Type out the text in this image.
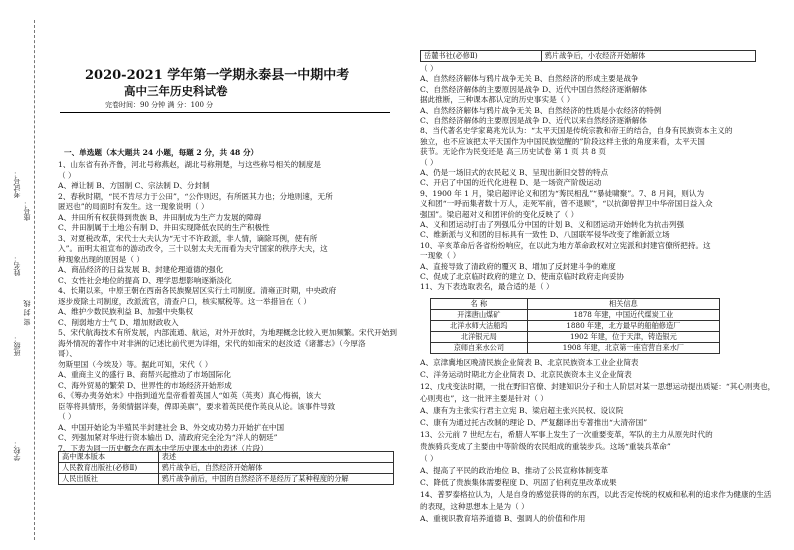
考试号：
姓名：
班级：
学校：
座号：
密 封 线
2020-2021 学年第一学期永泰县一中期中考
高中三年历史科试卷
完卷时间：90 分钟 满 分：100 分
一、单选题（本大题共 24 小题，每题 2 分，共 48 分）
1、山东省有孙齐鲁，河北号称燕赵，湖北号称荆楚，与这些称号相关的制度是
（ ）
A、禅让制 B、方国制 C、宗法制 D、分封制
2、春秋时期，“民不肯尽力于公田”，“公作则迟，有所匿其力也；分地则速，无所
匿迟也”的局面时有发生。这一现象说明（ ）
A、井田所有权获得到贵族 B、井田制成为生产力发展的障碍
C、井田制属于土地公有制 D、井田实现降低农民的生产积极性
3、对夏税改革，宋代士大夫认为“无寸不许政派，非人情，谪除耳例，使有所
入”。而明太祖宣布的游动改令，三十以射太夫无而看为夫守国家的秩序大夫，这
种现象出现的原因是（ ）
A、商品经济的日益发展 B、封建伦理道德的强化
C、女性社会地位的提高 D、理学思想影响逐渐淡化
4、长期以来，中原王朝在西南各民族聚居区实行土司制度。清雍正时期，中央政府
逐步废除土司制度，改派流官，清查户口，核实赋税等。这一举措旨在（ ）
A、维护少数民族利益 B、加强中央集权
C、削弱地方士气 D、增加财政收入
5、宋代航海技术有所发展，内部流通、航运，对外开放时，为地理概念比较入更加频繁。宋代开始到
海外情况的著作中对非洲的记述比前代更为详细，宋代的如南宋的赵汝适《诸蕃志》（今厚洛
哥）、
勿斯里国（今埃及）等。据此可知，宋代（ ）
A、重商主义的盛行 B、商帮兴起推动了市场国际化
C、海外贸易的繁荣 D、世界性的市场经济开始形成
6、《筹办夷务始末》中指到道光皇帝看着英国人“如英（英夷）真心悔祸，该大
臣等将具情形，务须情据详奏，俾即美禀”，要求着英民使作英良从论。该事件导致
（ ）
A、中国开始论为半殖民半封建社会 B、外交成功势力开始扩在中国
C、列强加紧对华进行资本输出 D、清政府完全沦为“洋人的朝廷”
7、下表为同一历史概念在两本中学历史课本中的表述（片段）
高中课本版本	表述
人民教育出版社(必修Ⅱ)	鸦片战争后，自然经济开始解体
人民出版社	鸦片战争前后，中国的自然经济不是经历了某种程度的分解
岳麓书社(必修Ⅱ)	鸦片战争后，小农经济开始解体
（ ）
A、自然经济解体与鸦片战争无关 B、自然经济的形成主要是战争
C、自然经济解体的主要原因是战争 D、近代中国自然经济逐渐解体
据此推断，三种课本都认定的历史事实是（ ）
A、自然经济解体与鸦片战争无关 B、自然经济的性质是小农经济的特例
C、自然经济解体的主要原因是战争 D、近代以来自然经济逐渐解体
8、当代著名史学家葛兆光认为：“太平天国是传统宗教和帝王的结合，自身有民族资本主义的
独立，也不应该把太平天国作为中国民族觉醒的”阶段这样主张的角度来看，太平天国
获节。无论作为民变还是 高三历史试卷 第 1 页 共 8 页
（ ）
A、仍是一场旧式的农民起义 B、呈现出新旧交替的特点
C、开启了中国的近代化进程 D、是一场资产阶级运动
9、1900 年 1 月，梁启超评论义和团为“莠民相乱”“暴徒啸聚”。7、8 月间，则认为
义和团“一呼而集者数十万人，走死军前，曾不退顾”，“以抗御曾捍卫中华帝国日益入众
强国”。梁启超对义和团评价的变化反映了（ ）
A、义和团运动打击了列强瓜分中国的计划 B、义和团运动开始转化为抗击列强
C、维新派与义和团的目标具有一致性 D、八国联军侵华改变了维新派立场
10、辛亥革命后各省纷纷响应，在以此为地方革命政权对立宪派和封建官僚所把持。这
一现象（ ）
A、直接导致了清政府的覆灭 B、增加了反封建斗争的难度
C、促成了北京临时政府的建立 D、使南京临时政府走向妥协
11、为下表选取表名，最合适的是（ ）
名 称	相关信息
开滦唐山煤矿	1878 年建，中国近代煤炭工业
北洋水师大沽船坞	1880 年建，北方最早的船舶修造厂
北洋银元局	1902 年建，位于天津，铸造银元
京师自来水公司	1908 年建，北京第一座官营自来水厂
A、京津冀地区晚清民族企业简表 B、北京民族资本工业企业简表
C、洋务运动时期北方企业简表 D、北京民族资本主义企业简表
12、戊戌变法时期，一批在野旧官僚、封建知识分子和士人阶层对某一思想运动提出质疑：“其心则夷也，
心则夷也”，这一批评主要是针对（ ）
A、康有为主张实行君主立宪 B、梁启超主张兴民权、设议院
C、康有为通过托古改制的理论 D、严复翻译出专著推出“大清帝国”
13、公元前 7 世纪左右，希腊人军事上发生了一次重要变革，军队的主力从原先时代的
贵族骑兵变成了主要由中等阶级的农民组成的重装步兵。这场“重装兵革命”
（ ）
A、提高了平民的政治地位 B、推动了公民宣称体制变革
C、降低了贵族集体需要程度 D、巩固了伯利克里改革成果
14、普罗泰格拉认为，人是自身的感觉获得的的东西，以此否定传统的权威和私利的追求作为健康的生活
的表现，这种思想本上是为（ ）
A、重视识教育培养道德 B、强调人的价值和作用
